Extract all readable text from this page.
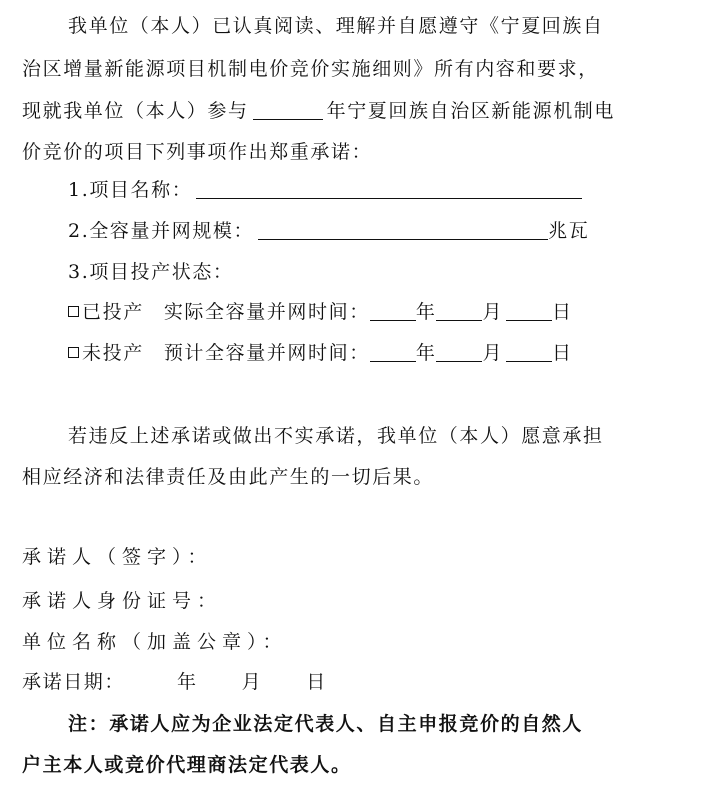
我单位（本人）已认真阅读、理解并自愿遵守《宁夏回族自
治区增量新能源项目机制电价竞价实施细则》所有内容和要求，
现就我单位（本人）参与	年宁夏回族自治区新能源机制电
价竞价的项目下列事项作出郑重承诺：
1.项目名称：
2.全容量并网规模：	兆瓦
3.项目投产状态：
已投产 实际全容量并网时间： 年 月	日
未投产 预计全容量并网时间： 年 月	日
若违反上述承诺或做出不实承诺，我单位（本人）愿意承担
相应经济和法律责任及由此产生的一切后果。
承诺人（签字）：
承诺人身份证号：
单位名称（加盖公章）：
承诺日期：	年 月 日
注：承诺人应为企业法定代表人、自主申报竞价的自然人
户主本人或竞价代理商法定代表人。
